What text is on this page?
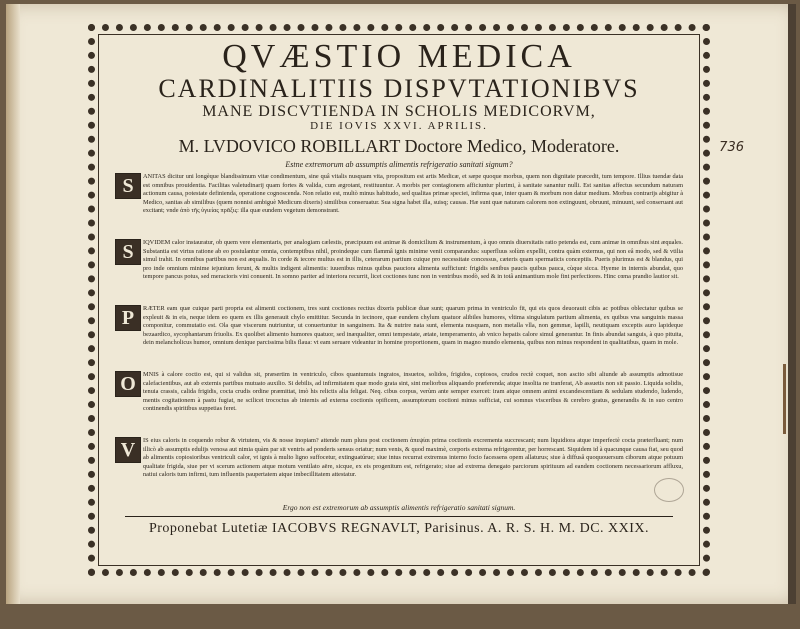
QVÆSTIO MEDICA

CARDINALITIIS DISPVTATIONIBVS

MANE DISCVTIENDA IN SCHOLIS MEDICORVM,

DIE IOVIS XXVI. APRILIS.

M. LVDOVICO ROBILLART Doctore Medico, Moderatore.

Estne extremorum ab assumptis alimentis refrigeratio sanitati signum?

S	ANITAS dicitur uni longèque blandissimum vitæ condimentum, sine quâ vitalis nusquam vita, propositum est artis Medicæ, et sæpe quoque morbus, quem non dignitate præcedit, tum tempore. Illius tuendæ data est omnibus prouidentia. Facilitas valetudinarij quam fortes & valida, cum ægrotant, restituuntur. A morbis per contagionem afficiuntur plurimi, à sanitate sanantur nulli. Est sanitas affectus secundum naturam actionum causa, potestate definienda, operatione cognoscenda. Non relatio est, multò minus habitudo, sed qualitas primæ speciei, infirma quæ, inter quam & morbum non datur medium. Morbus contrarijs abigitur à Medico, sanitas ab similibus (quem nonnisi ambiguè Medicum dixeris) similibus conseruatur. Sua signa habet illa, suisq; causas. Hæ sunt quæ naturam calorem non extinguunt, obruunt, minuunt, sed conseruant aut excitant; vnde ἀπὸ τῆς ὑγιείας πρᾶξις: illa quæ eundem vegetum demonstrant.
S	IQVIDEM calor instauratur, ob quem vere elementaris, per analogiam cælestis, præcipuum est animæ & domicilium & instrumentum, à quo omnis diuersitatis ratio petenda est, cum animæ in omnibus sint æquales. Substantia est virtus ratione ab eo postulantur omnia, contemptibus nihil, proindeque cum flammâ ignis minime venit comparandus: superfluus solùm expellit, contra quàm externus, qui non eâ modo, sed & vtilia simul trahit. In omnibus partibus non est æqualis. In corde & iecore multus est in illis, ceterarum partium cuique pro necessitate concessus, cæteris quam spermaticis conceptiis. Pueris plurimus est & blandus, qui pro inde omnium minime iejunium ferunt, & multis indigent alimentis: iuuenibus minus quibus pauciora alimenta sufficiunt: frigidis senibus paucis quibus pauca, cùque sicca. Hyeme in internis abundat, quo tempore pancus potus, sed meracioris vini conuenit. In somno pariter ad interiora recurrit, licet coctiones tunc non in ventribus modò, sed & in totâ animantium mole fint perfectiores. Hinc cœna prandio lautior sit.
P	RÆTER eam quæ cuique parti propria est alimenti coctionem, tres sunt coctiones rectius dixeris publicæ duæ sunt; quarum prima in ventriculo fit, qui eis quos deuorauit cibis ac potibus oblectatur quibus se expleuit & in eis, neque idem eo quem ex illis generauit chylo emittitur. Secunda in iecinore, quæ eundem chylum quatuor alibiles humores, vltima singulatum partium alimenta, ex quibus vna sanguinis massa componitur, commutatio est. Ola quæ viscerum nutriuntur, ut conuertuntur in sanguinem. Ita & nutrire nata sunt, elementa nusquam, non metalla vlla, non gemmæ, lapilli, neutiquam exceptis auro lapideque bezaardico, sycophantarum friuolis. Ex quolibet alimento humores quatuor, sed inæqualiter, omni tempestate, ætate, temperamento, ab vnico hepatis calore simul generantur. In finis abundat sanguis, à quo pituita, dein melancholicus humor, omnium denique parcissima bilis flaua: vt eam seruare videantur in homine proportionem, quam in magno mundo elementa, quibus non minus respondent in qualitatibus, quam in mole.
O	MNIS à calore coctio est, qui si validus sit, præsertim in ventriculo, cibos quantumuis ingratos, insuetos, solidos, frigidos, copiosos, crudos rectè coquet, non ascito sibi aliunde ab assumptis admotisue calefacientibus, aut ab externis partibus mutuato auxilio. Si debilis, ad infirmitatem quæ modo grata sint, sint meliorbus aliquando præferenda; atque insolita ne tranferat, Ab assuetis non sit passio. Liquida solidis, tenuia crassis, calida frigidis, cocta crudis ordine præmittat, imò his relictis alia feligat. Neq. cibus corpus, verùm ante semper exercet: iram atque omnem animi excandescentiam & sedulam studendo, ludendo, mentis cogitationem à pastu fugiat, ne scilicet trococtus ab internis ad externa coctionis opificem, assumptorum coctioni minus sufficiat, cui somnus visceribus & cerebro gratus, generandis & in suo centro continendis spiritibus suppetias feret.
V	IS eius caloris in coquendo robur & virtutem, vis & nosse inopiam? attende num plura post coctionem ἀπεψίαι prima coctionis excrementa succrescant; num liquidiora atque imperfectè cocta præterfluant; num illicò ab assumptis edulijs venosa aut nimia quàm par sit ventris ad ponderis sensus oriatur; num venis, & quod maximè, corporis extrema refrigerentur, per horrescant. Siquidem id à quacunque causa fiat, seu quod ab alimentis copiosioribus ventriculi calor, vt ignis à multo ligno suffocetur, extinguatúrue; siue intus recurrat extremus interno focio facessens opem allaturus; siue à diffusâ quoquouersum ciborum atque potuum qualitate frigida, siue per vi scerum actionem atque motum ventilato aëre, sicque, ex eis progenitum est, refrigerato; siue ad extrema denegato parciorum spirituum ad eandem coctionem necessariorum affluxu, natiui caloris tum infirmi, tum influentis paupertatem atque imbecillitatem attestatur.

Ergo non est extremorum ab assumptis alimentis refrigeratio sanitati signum.

Proponebat Lutetiæ IACOBVS REGNAVLT, Parisinus. A. R. S. H. M. DC. XXIX.

736
